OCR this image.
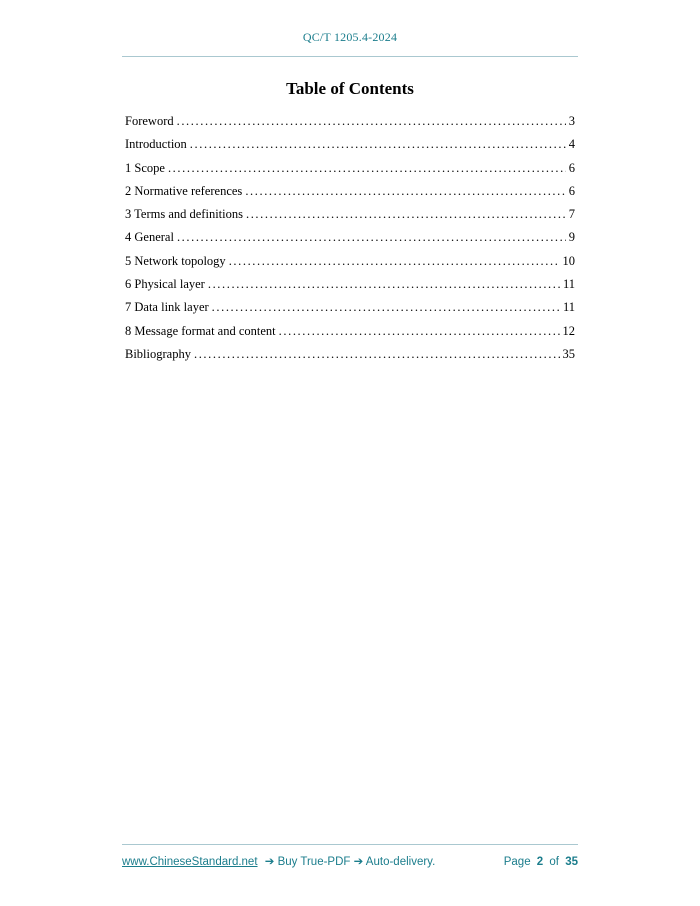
QC/T 1205.4-2024
Table of Contents
Foreword .....	3
Introduction .....	4
1 Scope .....	6
2 Normative references .....	6
3 Terms and definitions .....	7
4 General .....	9
5 Network topology .....	10
6 Physical layer .....	11
7 Data link layer .....	11
8 Message format and content .....	12
Bibliography .....	35
www.ChineseStandard.net ➔ Buy True-PDF ➔ Auto-delivery.	Page 2 of 35
